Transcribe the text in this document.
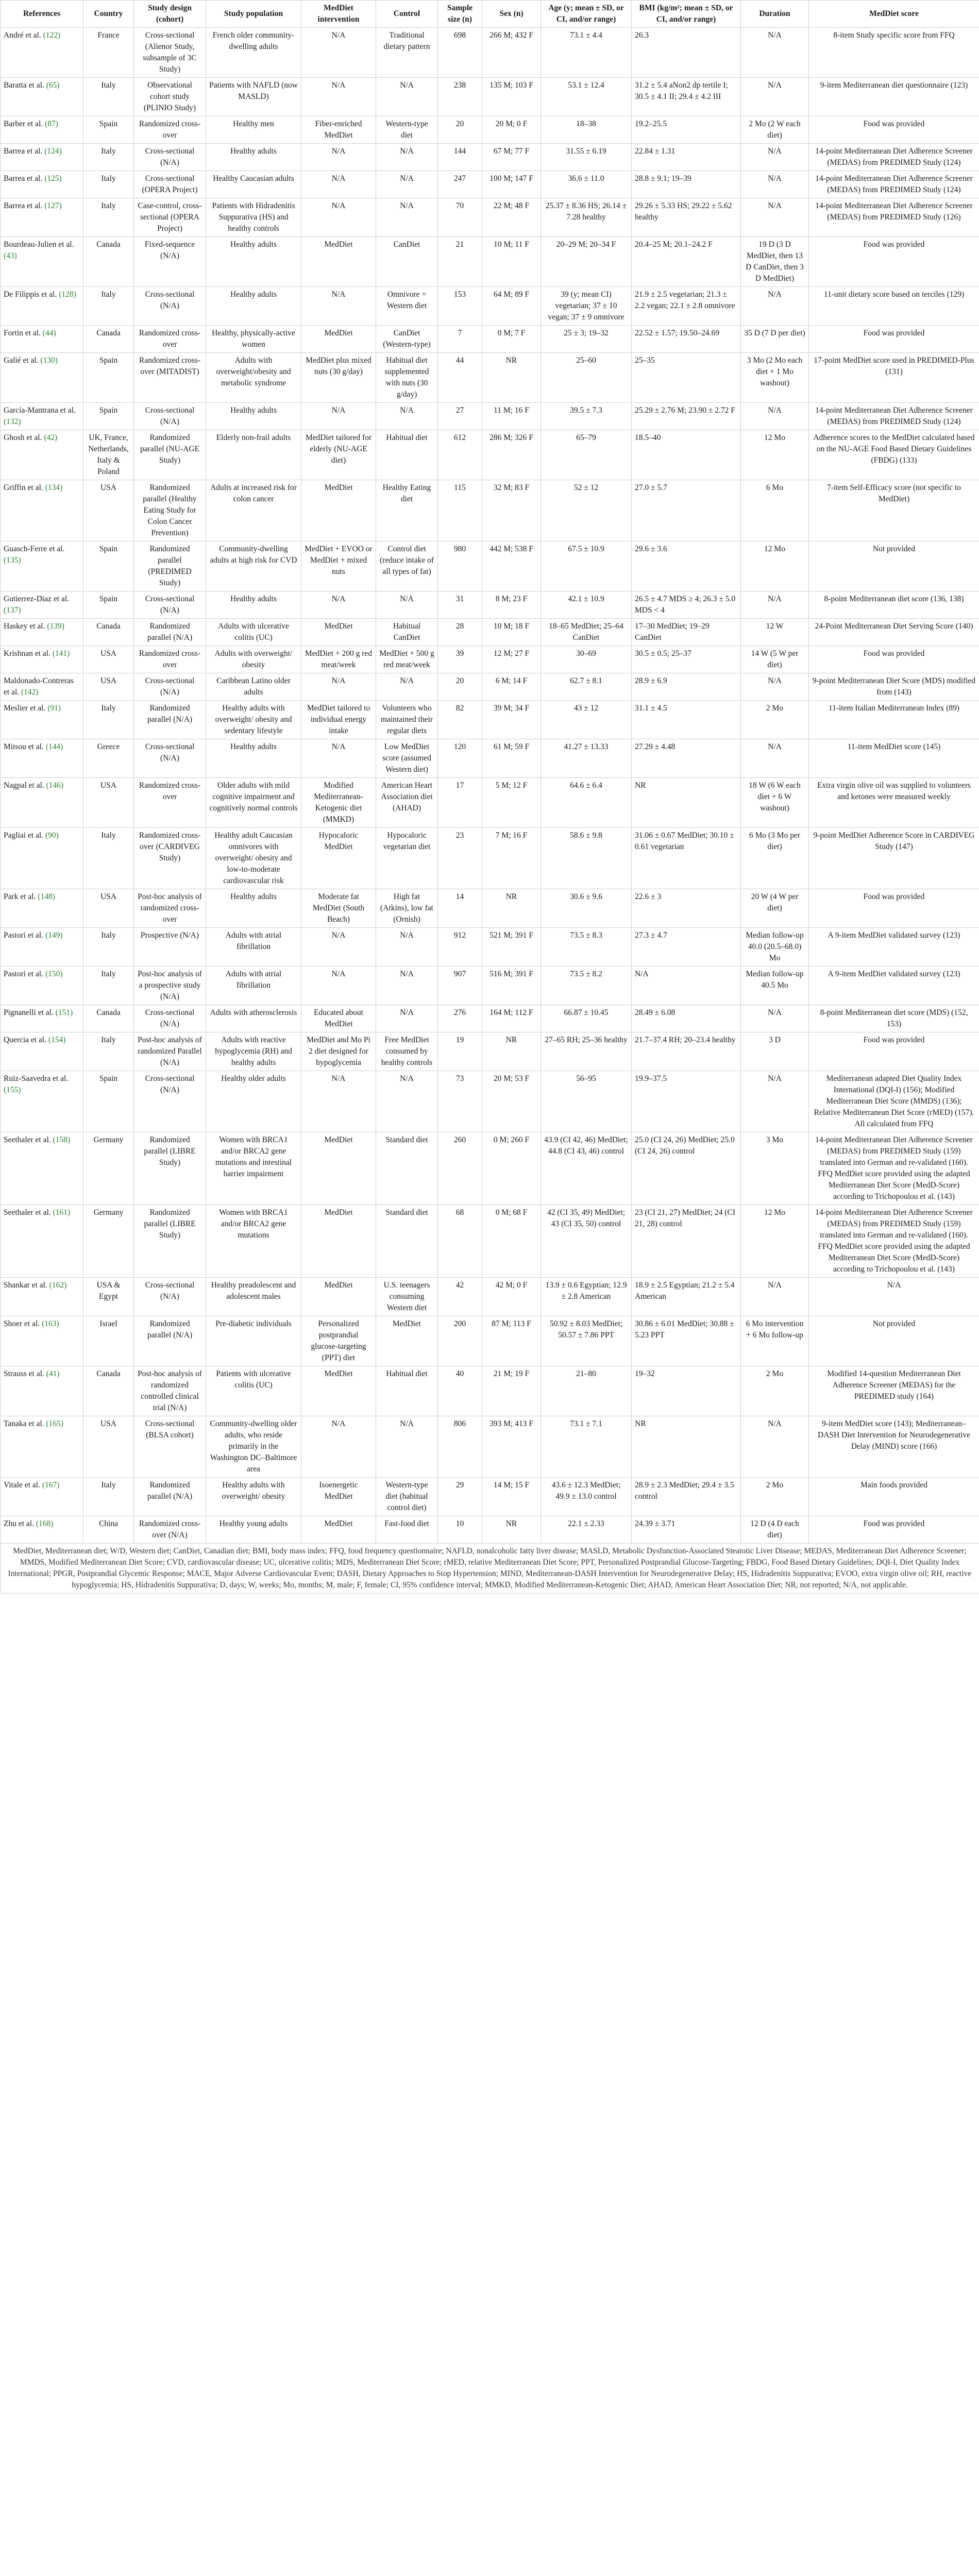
References	Country	Study design (cohort)	Study population	MedDiet intervention	Control	Sample size (n)	Sex (n)	Age (y; mean ± SD, or CI, and/or range)	BMI (kg/m²; mean ± SD, or CI, and/or range)	Duration	MedDiet score
André et al. (122)	France	Cross-sectional (Alienor Study, subsample of 3C Study)	French older community-dwelling adults	N/A	Traditional dietary pattern	698	266 M; 432 F	73.1 ± 4.4	26.3	N/A	8-item Study specific score from FFQ
Baratta et al. (65)	Italy	Observational cohort study (PLINIO Study)	Patients with NAFLD (now MASLD)	N/A	N/A	238	135 M; 103 F	53.1 ± 12.4	31.2 ± 5.4 aNon2 dp tertile I; 30.5 ± 4.1 II; 29.4 ± 4.2 III	N/A	9-item Mediterranean diet questionnaire (123)
Barber et al. (87)	Spain	Randomized cross-over	Healthy men	Fiber-enriched MedDiet	Western-type diet	20	20 M; 0 F	18–38	19.2–25.5	2 Mo (2 W each diet)	Food was provided
Barrea et al. (124)	Italy	Cross-sectional (N/A)	Healthy adults	N/A	N/A	144	67 M; 77 F	31.55 ± 6.19	22.84 ± 1.31	N/A	14-point Mediterranean Diet Adherence Screener (MEDAS) from PREDIMED Study (124)
Barrea et al. (125)	Italy	Cross-sectional (OPERA Project)	Healthy Caucasian adults	N/A	N/A	247	100 M; 147 F	36.6 ± 11.0	28.8 ± 9.1; 19–39	N/A	14-point Mediterranean Diet Adherence Screener (MEDAS) from PREDIMED Study (124)
Barrea et al. (127)	Italy	Case-control, cross-sectional (OPERA Project)	Patients with Hidradenitis Suppurativa (HS) and healthy controls	N/A	N/A	70	22 M; 48 F	25.37 ± 8.36 HS; 26.14 ± 7.28 healthy	29.26 ± 5.33 HS; 29.22 ± 5.62 healthy	N/A	14-point Mediterranean Diet Adherence Screener (MEDAS) from PREDIMED Study (126)
Bourdeau-Julien et al. (43)	Canada	Fixed-sequence (N/A)	Healthy adults	MedDiet	CanDiet	21	10 M; 11 F	20–29 M; 20–34 F	20.4–25 M; 20.1–24.2 F	19 D (3 D MedDiet, then 13 D CanDiet, then 3 D MedDiet)	Food was provided
De Filippis et al. (128)	Italy	Cross-sectional (N/A)	Healthy adults	N/A	Omnivore = Western diet	153	64 M; 89 F	39 (y; mean CI) vegetarian; 37 ± 10 vegan; 37 ± 9 omnivore	21.9 ± 2.5 vegetarian; 21.3 ± 2.2 vegan; 22.1 ± 2.8 omnivore	N/A	11-unit dietary score based on terciles (129)
Fortin et al. (44)	Canada	Randomized cross-over	Healthy, physically-active women	MedDiet	CanDiet (Western-type)	7	0 M; 7 F	25 ± 3; 19–32	22.52 ± 1.57; 19.50–24.69	35 D (7 D per diet)	Food was provided
Galié et al. (130)	Spain	Randomized cross-over (MITADIST)	Adults with overweight/obesity and metabolic syndrome	MedDiet plus mixed nuts (30 g/day)	Habitual diet supplemented with nuts (30 g/day)	44	NR	25–60	25–35	3 Mo (2 Mo each diet + 1 Mo washout)	17-point MedDiet score used in PREDIMED-Plus (131)
García-Mantrana et al. (132)	Spain	Cross-sectional (N/A)	Healthy adults	N/A	N/A	27	11 M; 16 F	39.5 ± 7.3	25.29 ± 2.76 M; 23.90 ± 2.72 F	N/A	14-point Mediterranean Diet Adherence Screener (MEDAS) from PREDIMED Study (124)
Ghosh et al. (42)	UK, France, Netherlands, Italy & Poland	Randomized parallel (NU-AGE Study)	Elderly non-frail adults	MedDiet tailored for elderly (NU-AGE diet)	Habitual diet	612	286 M; 326 F	65–79	18.5–40	12 Mo	Adherence scores to the MedDiet calculated based on the NU-AGE Food Based Dietary Guidelines (FBDG) (133)
Griffin et al. (134)	USA	Randomized parallel (Healthy Eating Study for Colon Cancer Prevention)	Adults at increased risk for colon cancer	MedDiet	Healthy Eating diet	115	32 M; 83 F	52 ± 12	27.0 ± 5.7	6 Mo	7-item Self-Efficacy score (not specific to MedDiet)
Guasch-Ferre et al. (135)	Spain	Randomized parallel (PREDIMED Study)	Community-dwelling adults at high risk for CVD	MedDiet + EVOO or MedDiet + mixed nuts	Control diet (reduce intake of all types of fat)	980	442 M; 538 F	67.5 ± 10.9	29.6 ± 3.6	12 Mo	Not provided
Gutierrez-Diaz et al. (137)	Spain	Cross-sectional (N/A)	Healthy adults	N/A	N/A	31	8 M; 23 F	42.1 ± 10.9	26.5 ± 4.7 MDS ≥ 4; 26.3 ± 5.0 MDS < 4	N/A	8-point Mediterranean diet score (136, 138)
Haskey et al. (139)	Canada	Randomized parallel (N/A)	Adults with ulcerative colitis (UC)	MedDiet	Habitual CanDiet	28	10 M; 18 F	18–65 MedDiet; 25–64 CanDiet	17–30 MedDiet; 19–29 CanDiet	12 W	24-Point Mediterranean Diet Serving Score (140)
Krishnan et al. (141)	USA	Randomized cross-over	Adults with overweight/ obesity	MedDiet + 200 g red meat/week	MedDiet + 500 g red meat/week	39	12 M; 27 F	30–69	30.5 ± 0.5; 25–37	14 W (5 W per diet)	Food was provided
Maldonado-Contreras et al. (142)	USA	Cross-sectional (N/A)	Caribbean Latino older adults	N/A	N/A	20	6 M; 14 F	62.7 ± 8.1	28.9 ± 6.9	N/A	9-point Mediterranean Diet Score (MDS) modified from (143)
Meslier et al. (91)	Italy	Randomized parallel (N/A)	Healthy adults with overweight/ obesity and sedentary lifestyle	MedDiet tailored to individual energy intake	Volunteers who maintained their regular diets	82	39 M; 34 F	43 ± 12	31.1 ± 4.5	2 Mo	11-item Italian Mediterranean Index (89)
Mitsou et al. (144)	Greece	Cross-sectional (N/A)	Healthy adults	N/A	Low MedDiet score (assumed Western diet)	120	61 M; 59 F	41.27 ± 13.33	27.29 ± 4.48	N/A	11-item MedDiet score (145)
Nagpal et al. (146)	USA	Randomized cross-over	Older adults with mild cognitive impairment and cognitively normal controls	Modified Mediterranean-Ketogenic diet (MMKD)	American Heart Association diet (AHAD)	17	5 M; 12 F	64.6 ± 6.4	NR	18 W (6 W each diet + 6 W washout)	Extra virgin olive oil was supplied to volunteers and ketones were measured weekly
Pagliai et al. (90)	Italy	Randomized cross-over (CARDIVEG Study)	Healthy adult Caucasian omnivores with overweight/ obesity and low-to-moderate cardiovascular risk	Hypocaloric MedDiet	Hypocaloric vegetarian diet	23	7 M; 16 F	58.6 ± 9.8	31.06 ± 0.67 MedDiet; 30.10 ± 0.61 vegetarian	6 Mo (3 Mo per diet)	9-point MedDiet Adherence Score in CARDIVEG Study (147)
Park et al. (148)	USA	Post-hoc analysis of randomized cross-over	Healthy adults	Moderate fat MedDiet (South Beach)	High fat (Atkins), low fat (Ornish)	14	NR	30.6 ± 9.6	22.6 ± 3	20 W (4 W per diet)	Food was provided
Pastori et al. (149)	Italy	Prospective (N/A)	Adults with atrial fibrillation	N/A	N/A	912	521 M; 391 F	73.5 ± 8.3	27.3 ± 4.7	Median follow-up 40.0 (20.5–68.0) Mo	A 9-item MedDiet validated survey (123)
Pastori et al. (150)	Italy	Post-hoc analysis of a prospective study (N/A)	Adults with atrial fibrillation	N/A	N/A	907	516 M; 391 F	73.5 ± 8.2	N/A	Median follow-up 40.5 Mo	A 9-item MedDiet validated survey (123)
Pignanelli et al. (151)	Canada	Cross-sectional (N/A)	Adults with atherosclerosis	Educated about MedDiet	N/A	276	164 M; 112 F	66.87 ± 10.45	28.49 ± 6.08	N/A	8-point Mediterranean diet score (MDS) (152, 153)
Quercia et al. (154)	Italy	Post-hoc analysis of randomized Parallel (N/A)	Adults with reactive hypoglycemia (RH) and healthy adults	MedDiet and Mo Pi 2 diet designed for hypoglycemia	Free MedDiet consumed by healthy controls	19	NR	27–65 RH; 25–36 healthy	21.7–37.4 RH; 20–23.4 healthy	3 D	Food was provided
Ruiz-Saavedra et al. (155)	Spain	Cross-sectional (N/A)	Healthy older adults	N/A	N/A	73	20 M; 53 F	56–95	19.9–37.5	N/A	Mediterranean adapted Diet Quality Index International (DQI-I) (156); Modified Mediterranean Diet Score (MMDS) (136); Relative Mediterranean Diet Score (rMED) (157). All calculated from FFQ
Seethaler et al. (158)	Germany	Randomized parallel (LIBRE Study)	Women with BRCA1 and/or BRCA2 gene mutations and intestinal barrier impairment	MedDiet	Standard diet	260	0 M; 260 F	43.9 (CI 42, 46) MedDiet; 44.8 (CI 43, 46) control	25.0 (CI 24, 26) MedDiet; 25.0 (CI 24, 26) control	3 Mo	14-point Mediterranean Diet Adherence Screener (MEDAS) from PREDIMED Study (159) translated into German and re-validated (160). FFQ MedDiet score provided using the adapted Mediterranean Diet Score (MedD-Score) according to Trichopoulou et al. (143)
Seethaler et al. (161)	Germany	Randomized parallel (LIBRE Study)	Women with BRCA1 and/or BRCA2 gene mutations	MedDiet	Standard diet	68	0 M; 68 F	42 (CI 35, 49) MedDiet; 43 (CI 35, 50) control	23 (CI 21, 27) MedDiet; 24 (CI 21, 28) control	12 Mo	14-point Mediterranean Diet Adherence Screener (MEDAS) from PREDIMED Study (159) translated into German and re-validated (160). FFQ MedDiet score provided using the adapted Mediterranean Diet Score (MedD-Score) according to Trichopoulou et al. (143)
Shankar et al. (162)	USA & Egypt	Cross-sectional (N/A)	Healthy preadolescent and adolescent males	MedDiet	U.S. teenagers consuming Western diet	42	42 M; 0 F	13.9 ± 0.6 Egyptian; 12.9 ± 2.8 American	18.9 ± 2.5 Egyptian; 21.2 ± 5.4 American	N/A	N/A
Shoer et al. (163)	Israel	Randomized parallel (N/A)	Pre-diabetic individuals	Personalized postprandial glucose-targeting (PPT) diet	MedDiet	200	87 M; 113 F	50.92 ± 8.03 MedDiet; 50.57 ± 7.86 PPT	30.86 ± 6.01 MedDiet; 30.88 ± 5.23 PPT	6 Mo intervention + 6 Mo follow-up	Not provided
Strauss et al. (41)	Canada	Post-hoc analysis of randomized controlled clinical trial (N/A)	Patients with ulcerative colitis (UC)	MedDiet	Habitual diet	40	21 M; 19 F	21–80	19–32	2 Mo	Modified 14-question Mediterranean Diet Adherence Screener (MEDAS) for the PREDIMED study (164)
Tanaka et al. (165)	USA	Cross-sectional (BLSA cohort)	Community-dwelling older adults, who reside primarily in the Washington DC–Baltimore area	N/A	N/A	806	393 M; 413 F	73.1 ± 7.1	NR	N/A	9-item MedDiet score (143); Mediterranean–DASH Diet Intervention for Neurodegenerative Delay (MIND) score (166)
Vitale et al. (167)	Italy	Randomized parallel (N/A)	Healthy adults with overweight/ obesity	Isoenergetic MedDiet	Western-type diet (habitual control diet)	29	14 M; 15 F	43.6 ± 12.3 MedDiet; 49.9 ± 13.0 control	28.9 ± 2.3 MedDiet; 29.4 ± 3.5 control	2 Mo	Main foods provided
Zhu et al. (168)	China	Randomized cross-over (N/A)	Healthy young adults	MedDiet	Fast-food diet	10	NR	22.1 ± 2.33	24.39 ± 3.71	12 D (4 D each diet)	Food was provided
MedDiet, Mediterranean diet; W/D, Western diet; CanDiet, Canadian diet; BMI, body mass index; FFQ, food frequency questionnaire; NAFLD, nonalcoholic fatty liver disease; MASLD, Metabolic Dysfunction-Associated Steatotic Liver Disease; MEDAS, Mediterranean Diet Adherence Screener; MMDS, Modified Mediterranean Diet Score; CVD, cardiovascular disease; UC, ulcerative colitis; MDS, Mediterranean Diet Score; rMED, relative Mediterranean Diet Score; PPT, Personalized Postprandial Glucose-Targeting; FBDG, Food Based Dietary Guidelines; DQI-I, Diet Quality Index International; PPGR, Postprandial Glycemic Response; MACE, Major Adverse Cardiovascular Event; DASH, Dietary Approaches to Stop Hypertension; MIND, Mediterranean-DASH Intervention for Neurodegenerative Delay; HS, Hidradenitis Suppurativa; EVOO, extra virgin olive oil; RH, reactive hypoglycemia; HS, Hidradenitis Suppurativa; D, days; W, weeks; Mo, months; M, male; F, female; CI, 95% confidence interval; MMKD, Modified Mediterranean-Ketogenic Diet; AHAD, American Heart Association Diet; NR, not reported; N/A, not applicable.											
